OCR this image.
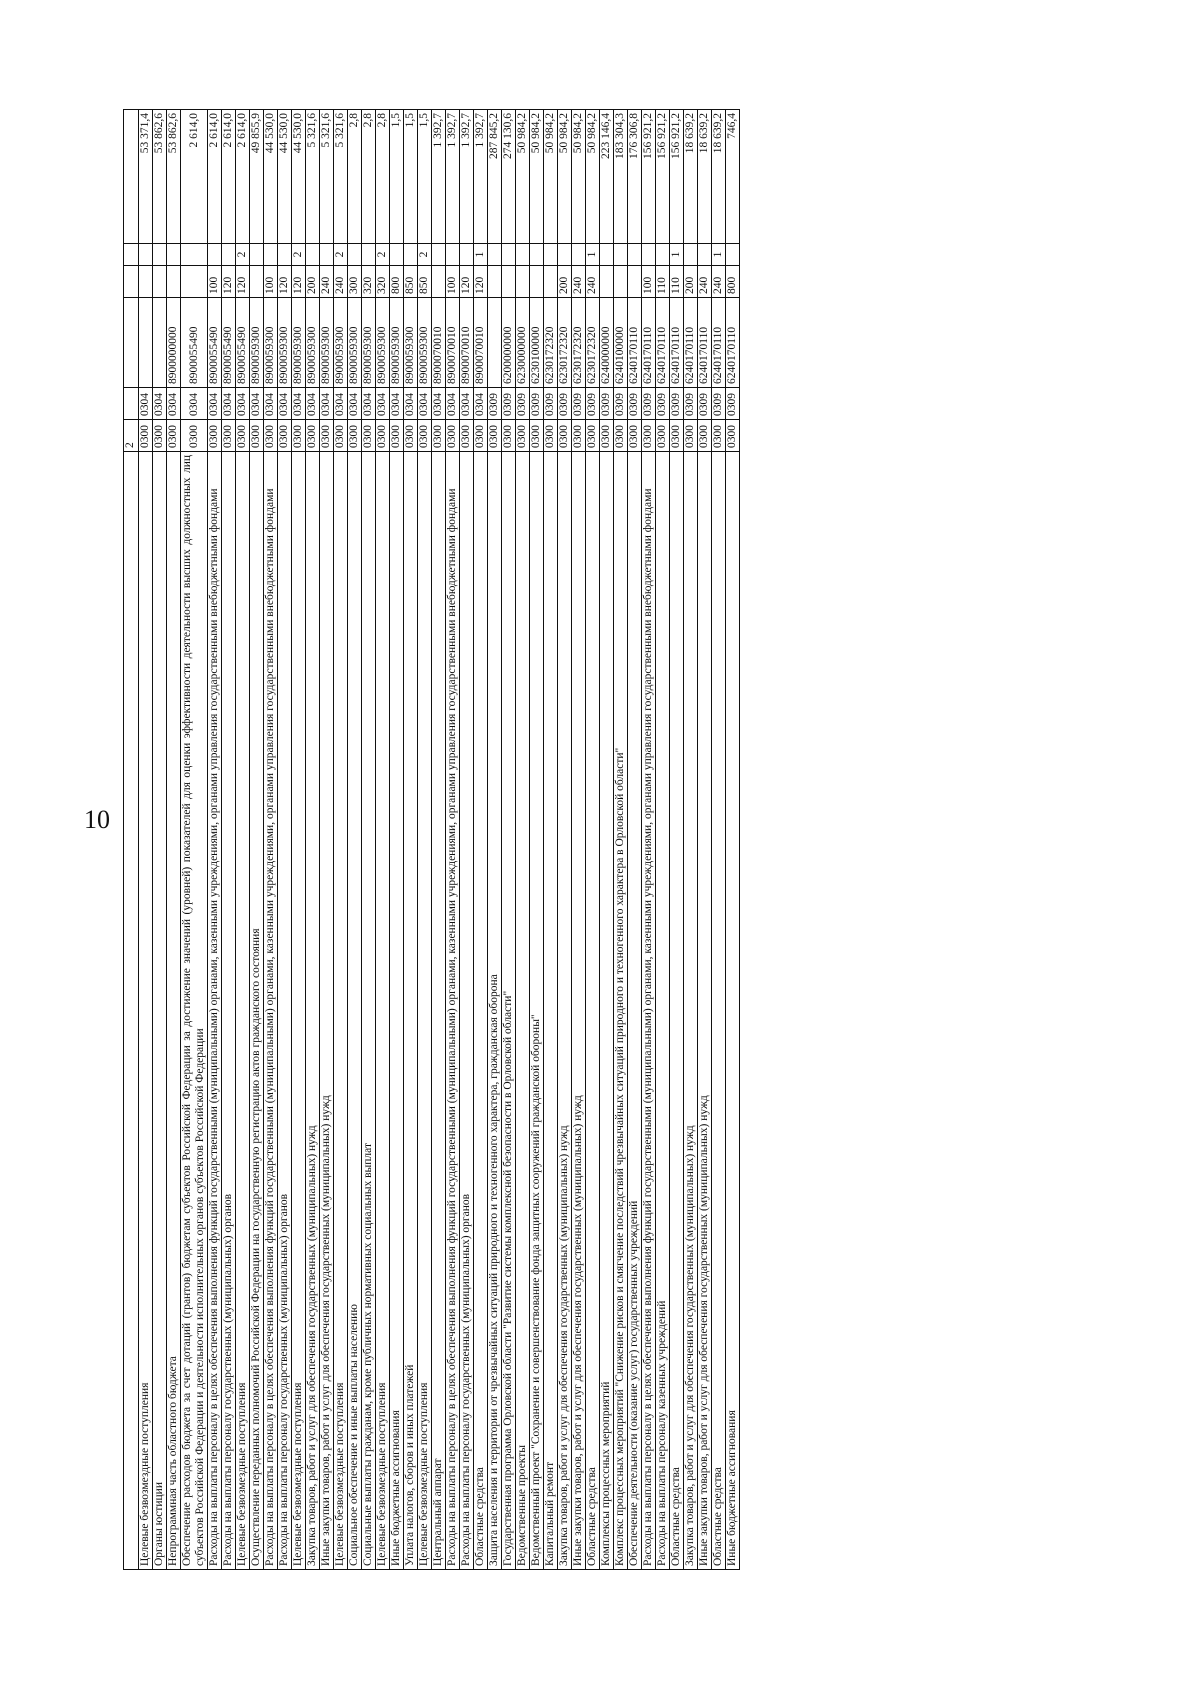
10
	2					
Целевые безвозмездные поступления	0300	0304				53 371,4
Органы юстиции	0300	0304				53 862,6
Непрограммная часть областного бюджета	0300	0304	8900000000			53 862,6
Обеспечение расходов бюджета за счет дотаций (грантов) бюджетам субъектов Российской Федерации за достижение значений (уровней) показателей для оценки эффективности деятельности высших должностных лиц субъектов Российской Федерации и деятельности исполнительных органов субъектов Российской Федерации	0300	0304	8900055490			2 614,0
Расходы на выплаты персоналу в целях обеспечения выполнения функций государственными (муниципальными) органами, казенными учреждениями, органами управления государственными внебюджетными фондами	0300	0304	8900055490	100		2 614,0
Расходы на выплаты персоналу государственных (муниципальных) органов	0300	0304	8900055490	120		2 614,0
Целевые безвозмездные поступления	0300	0304	8900055490	120	2	2 614,0
Осуществление переданных полномочий Российской Федерации на государственную регистрацию актов гражданского состояния	0300	0304	8900059300			49 855,9
Расходы на выплаты персоналу в целях обеспечения выполнения функций государственными (муниципальными) органами, казенными учреждениями, органами управления государственными внебюджетными фондами	0300	0304	8900059300	100		44 530,0
Расходы на выплаты персоналу государственных (муниципальных) органов	0300	0304	8900059300	120		44 530,0
Целевые безвозмездные поступления	0300	0304	8900059300	120	2	44 530,0
Закупка товаров, работ и услуг для обеспечения государственных (муниципальных) нужд	0300	0304	8900059300	200		5 321,6
Иные закупки товаров, работ и услуг для обеспечения государственных (муниципальных) нужд	0300	0304	8900059300	240		5 321,6
Целевые безвозмездные поступления	0300	0304	8900059300	240	2	5 321,6
Социальное обеспечение и иные выплаты населению	0300	0304	8900059300	300		2,8
Социальные выплаты гражданам, кроме публичных нормативных социальных выплат	0300	0304	8900059300	320		2,8
Целевые безвозмездные поступления	0300	0304	8900059300	320	2	2,8
Иные бюджетные ассигнования	0300	0304	8900059300	800		1,5
Уплата налогов, сборов и иных платежей	0300	0304	8900059300	850		1,5
Целевые безвозмездные поступления	0300	0304	8900059300	850	2	1,5
Центральный аппарат	0300	0304	8900070010			1 392,7
Расходы на выплаты персоналу в целях обеспечения выполнения функций государственными (муниципальными) органами, казенными учреждениями, органами управления государственными внебюджетными фондами	0300	0304	8900070010	100		1 392,7
Расходы на выплаты персоналу государственных (муниципальных) органов	0300	0304	8900070010	120		1 392,7
Областные средства	0300	0304	8900070010	120	1	1 392,7
Защита населения и территории от чрезвычайных ситуаций природного и техногенного характера, гражданская оборона	0300	0309				287 845,2
Государственная программа Орловской области "Развитие системы комплексной безопасности в Орловской области"	0300	0309	6200000000			274 130,6
Ведомственные проекты	0300	0309	6230000000			50 984,2
Ведомственный проект "Сохранение и совершенствование фонда защитных сооружений гражданской обороны"	0300	0309	6230100000			50 984,2
Капитальный ремонт	0300	0309	6230172320			50 984,2
Закупка товаров, работ и услуг для обеспечения государственных (муниципальных) нужд	0300	0309	6230172320	200		50 984,2
Иные закупки товаров, работ и услуг для обеспечения государственных (муниципальных) нужд	0300	0309	6230172320	240		50 984,2
Областные средства	0300	0309	6230172320	240	1	50 984,2
Комплексы процессных мероприятий	0300	0309	6240000000			223 146,4
Комплекс процессных мероприятий "Снижение рисков и смягчение последствий чрезвычайных ситуаций природного и техногенного характера в Орловской области"	0300	0309	6240100000			183 304,3
Обеспечение деятельности (оказание услуг) государственных учреждений	0300	0309	6240170110			176 306,8
Расходы на выплаты персоналу в целях обеспечения выполнения функций государственными (муниципальными) органами, казенными учреждениями, органами управления государственными внебюджетными фондами	0300	0309	6240170110	100		156 921,2
Расходы на выплаты персоналу казенных учреждений	0300	0309	6240170110	110		156 921,2
Областные средства	0300	0309	6240170110	110	1	156 921,2
Закупка товаров, работ и услуг для обеспечения государственных (муниципальных) нужд	0300	0309	6240170110	200		18 639,2
Иные закупки товаров, работ и услуг для обеспечения государственных (муниципальных) нужд	0300	0309	6240170110	240		18 639,2
Областные средства	0300	0309	6240170110	240	1	18 639,2
Иные бюджетные ассигнования	0300	0309	6240170110	800		746,4
